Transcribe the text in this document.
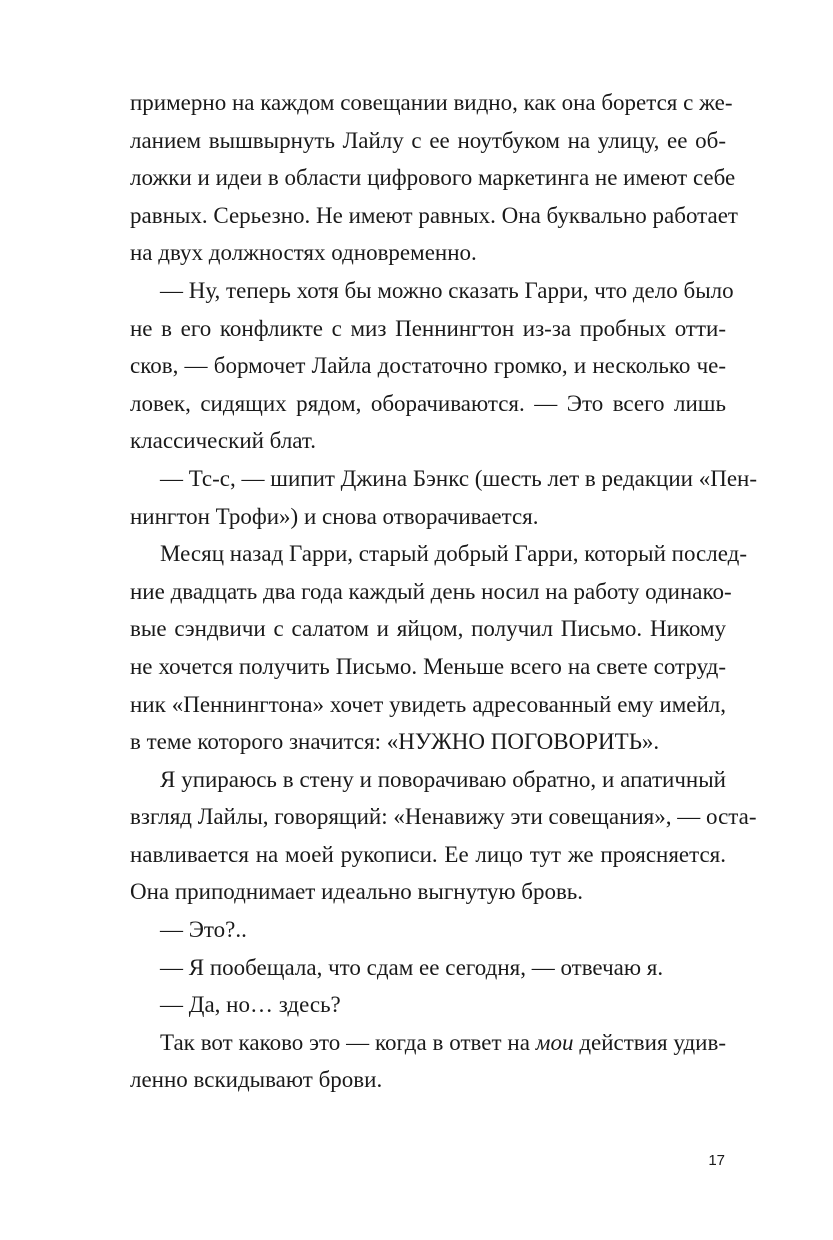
примерно на каждом совещании видно, как она борется с же-
ланием вышвырнуть Лайлу с ее ноутбуком на улицу, ее об-
ложки и идеи в области цифрового маркетинга не имеют себе
равных. Серьезно. Не имеют равных. Она буквально работает
на двух должностях одновременно.
— Ну, теперь хотя бы можно сказать Гарри, что дело было
не в его конфликте с миз Пеннингтон из-за пробных отти-
сков, — бормочет Лайла достаточно громко, и несколько че-
ловек, сидящих рядом, оборачиваются. — Это всего лишь
классический блат.
— Тс-с, — шипит Джина Бэнкс (шесть лет в редакции «Пен-
нингтон Трофи») и снова отворачивается.
Месяц назад Гарри, старый добрый Гарри, который послед-
ние двадцать два года каждый день носил на работу одинако-
вые сэндвичи с салатом и яйцом, получил Письмо. Никому
не хочется получить Письмо. Меньше всего на свете сотруд-
ник «Пеннингтона» хочет увидеть адресованный ему имейл,
в теме которого значится: «НУЖНО ПОГОВОРИТЬ».
Я упираюсь в стену и поворачиваю обратно, и апатичный
взгляд Лайлы, говорящий: «Ненавижу эти совещания», — оста-
навливается на моей рукописи. Ее лицо тут же проясняется.
Она приподнимает идеально выгнутую бровь.
— Это?..
— Я пообещала, что сдам ее сегодня, — отвечаю я.
— Да, но… здесь?
Так вот каково это — когда в ответ на мои действия удив-
ленно вскидывают брови.
17
